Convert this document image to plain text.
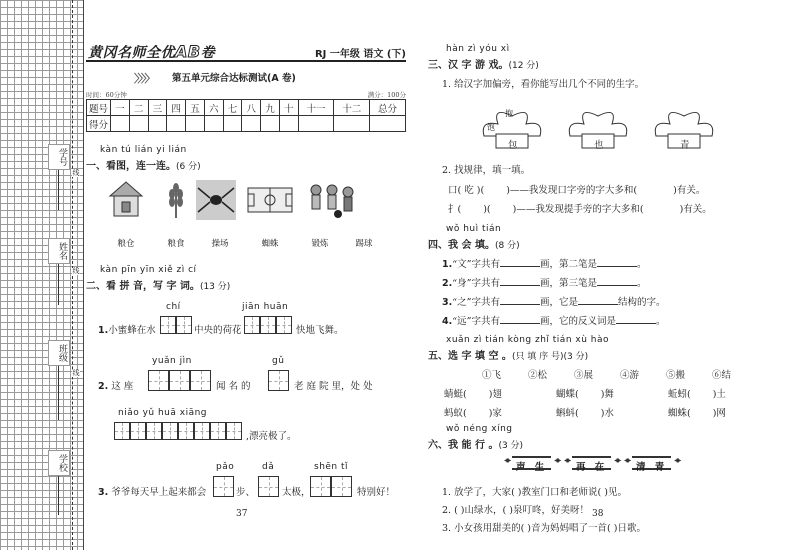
学号
姓名
班级
学校
线
线
线
黄冈名师全优AB卷	RJ 一年级 语文 (下)
〉〉〉〉 第五单元综合达标测试(A 卷)
时间：60分钟	满分：100分
题号	一	二	三	四	五	六	七	八	九	十	十一	十二	总分
得分													
kàn tú lián yi lián
一、看图，连一连。(6 分)
粮仓	粮食	操场	蜘蛛	锻炼	踢球
kàn pīn yīn xiě zì cí
二、看 拼 音，写 字 词。(13 分)
chí	jiān huān
1.小蜜蜂在水	中央的荷花	快地飞舞。
yuǎn jìn	gǔ
2. 这 座	闻 名 的	老 庭 院 里，处 处
niǎo yǔ huā xiāng
,漂亮极了。
pǎo	dǎ	shēn tǐ
3. 爷爷每天早上起来都会	步、	太极，	特别好！
37
hàn zì yóu xì
三、汉 字 游 戏。(12 分)
1. 给汉字加偏旁，看你能写出几个不同的生字。
抱
饱
包	也	青
2. 找规律，填一填。
口( 吃 )( )——我发现口字旁的字大多和(	)有关。
扌( )( )——我发现提手旁的字大多和(	)有关。
wǒ huì tián
四、我 会 填。(8 分)
1.“文”字共有	画，第二笔是	。
2.“身”字共有	画，第三笔是	。
3.“之”字共有	画，它是	结构的字。
4.“远”字共有	画，它的反义词是	。
xuǎn zì tián kòng zhǐ tián xù hào
五、选 字 填 空 。(只 填 序 号)(3 分)
①飞	②松	③展	④游	⑤搬	⑥结
蜻蜓( )翅	蝴蝶( )舞	蚯蚓( )土
蚂蚁( )家	蝌蚪( )水	蜘蛛( )网
wǒ néng xíng
六、我 能 行 。(3 分)
◀▶ 声 生 ◀▶	◀▶ 再 在 ◀▶	◀▶ 清 青 ◀▶
1. 放学了，大家( )教室门口和老师说( )见。
2. ( )山绿水，( )泉叮咚，好美呀！
3. 小女孩用甜美的( )音为妈妈唱了一首( )日歌。
38
